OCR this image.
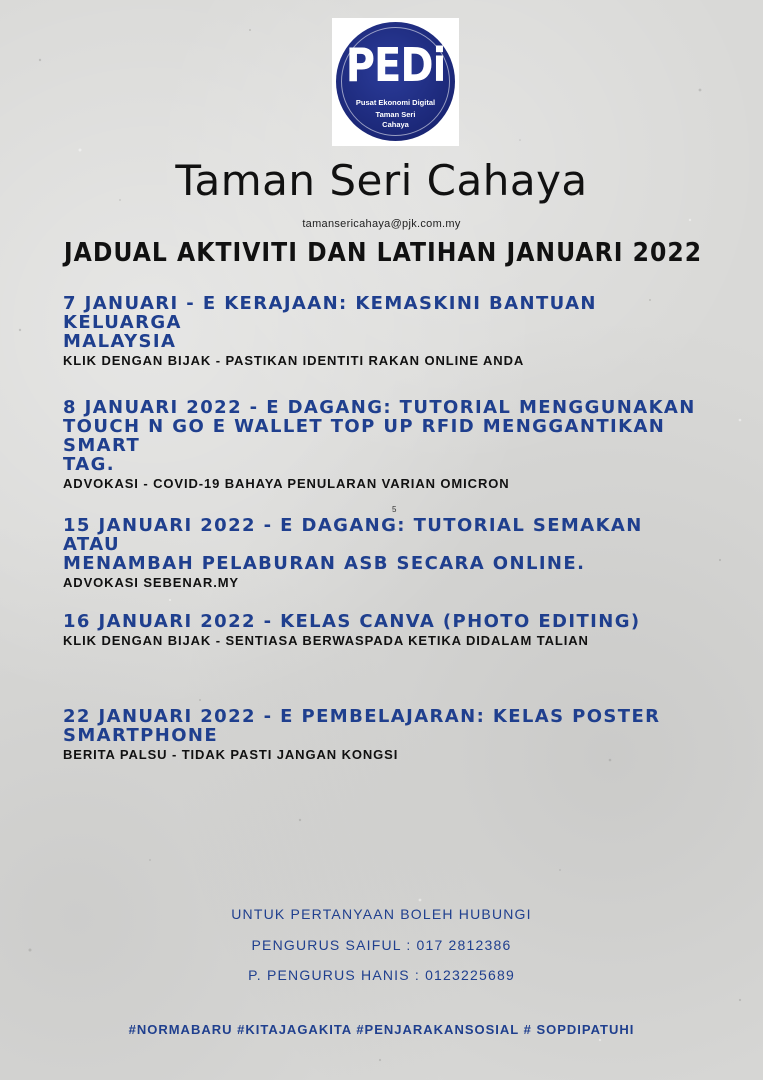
PEDi
Pusat Ekonomi Digital
Taman Seri
Cahaya
Taman Seri Cahaya
tamansericahaya@pjk.com.my
JADUAL AKTIVITI DAN LATIHAN JANUARI 2022
7 JANUARI - E KERAJAAN: KEMASKINI BANTUAN KELUARGA
MALAYSIA
KLIK DENGAN BIJAK - PASTIKAN IDENTITI RAKAN ONLINE ANDA
8 JANUARI 2022 - E DAGANG: TUTORIAL MENGGUNAKAN
TOUCH N GO E WALLET TOP UP RFID MENGGANTIKAN SMART
TAG.
ADVOKASI - COVID-19 BAHAYA PENULARAN VARIAN OMICRON
5
15 JANUARI 2022 - E DAGANG: TUTORIAL SEMAKAN ATAU
MENAMBAH PELABURAN ASB SECARA ONLINE.
ADVOKASI SEBENAR.MY
16 JANUARI 2022 - KELAS CANVA (PHOTO EDITING)
KLIK DENGAN BIJAK - SENTIASA BERWASPADA KETIKA DIDALAM TALIAN
22 JANUARI 2022 - E PEMBELAJARAN: KELAS POSTER
SMARTPHONE
BERITA PALSU - TIDAK PASTI JANGAN KONGSI
UNTUK PERTANYAAN BOLEH HUBUNGI
PENGURUS SAIFUL : 017 2812386
P. PENGURUS HANIS : 0123225689
#NORMABARU #KITAJAGAKITA #PENJARAKANSOSIAL # SOPDIPATUHI
